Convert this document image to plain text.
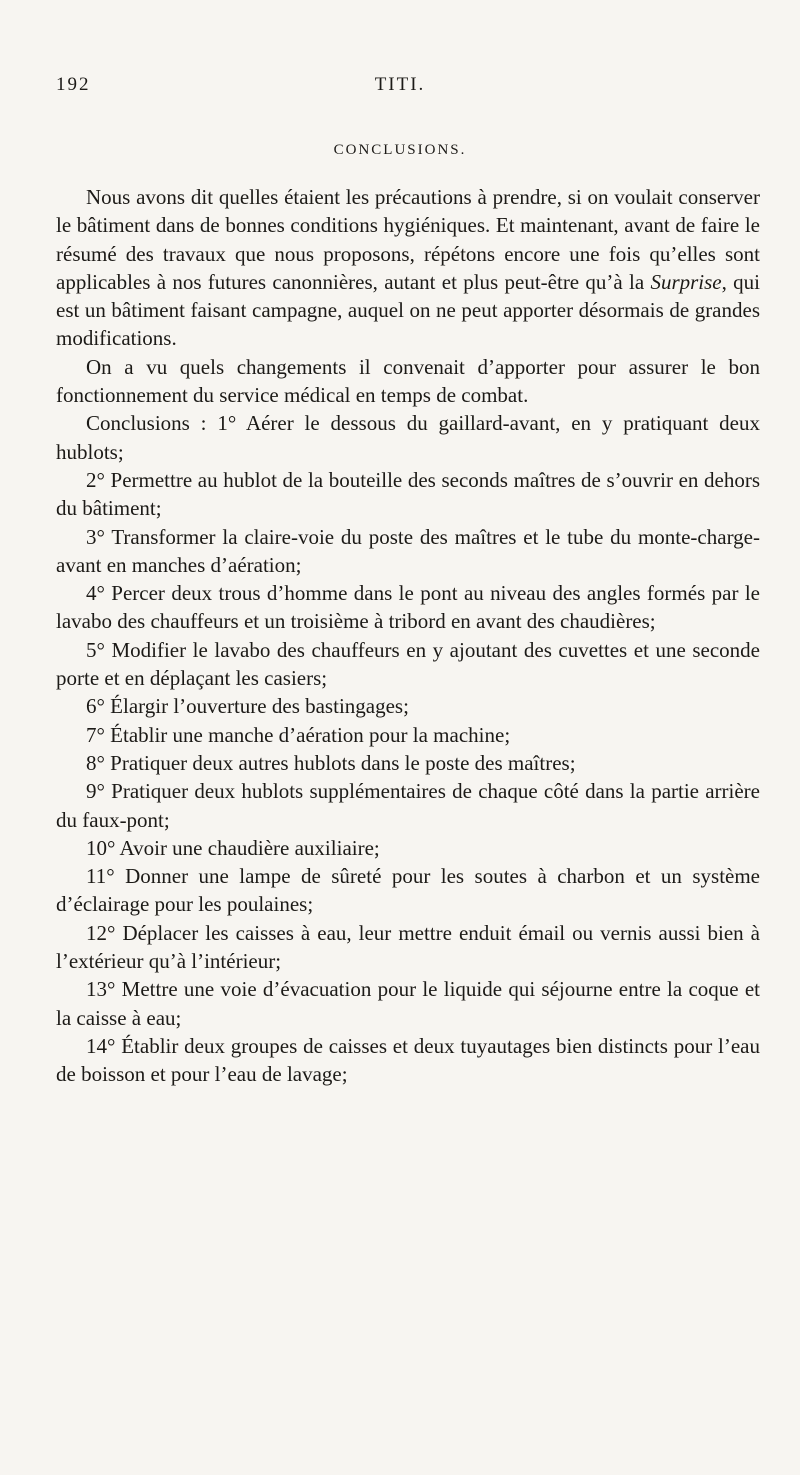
192	TITI.
CONCLUSIONS.

Nous avons dit quelles étaient les précautions à prendre, si on voulait conserver le bâtiment dans de bonnes conditions hygiéniques. Et maintenant, avant de faire le résumé des travaux que nous proposons, répétons encore une fois qu’elles sont applicables à nos futures canonnières, autant et plus peut-être qu’à la Surprise, qui est un bâtiment faisant campagne, auquel on ne peut apporter désormais de grandes modifications.

On a vu quels changements il convenait d’apporter pour assurer le bon fonctionnement du service médical en temps de combat.

Conclusions : 1° Aérer le dessous du gaillard-avant, en y pratiquant deux hublots;

2° Permettre au hublot de la bouteille des seconds maîtres de s’ouvrir en dehors du bâtiment;

3° Transformer la claire-voie du poste des maîtres et le tube du monte-charge-avant en manches d’aération;

4° Percer deux trous d’homme dans le pont au niveau des angles formés par le lavabo des chauffeurs et un troisième à tribord en avant des chaudières;

5° Modifier le lavabo des chauffeurs en y ajoutant des cuvettes et une seconde porte et en déplaçant les casiers;

6° Élargir l’ouverture des bastingages;

7° Établir une manche d’aération pour la machine;

8° Pratiquer deux autres hublots dans le poste des maîtres;

9° Pratiquer deux hublots supplémentaires de chaque côté dans la partie arrière du faux-pont;

10° Avoir une chaudière auxiliaire;

11° Donner une lampe de sûreté pour les soutes à charbon et un système d’éclairage pour les poulaines;

12° Déplacer les caisses à eau, leur mettre enduit émail ou vernis aussi bien à l’extérieur qu’à l’intérieur;

13° Mettre une voie d’évacuation pour le liquide qui séjourne entre la coque et la caisse à eau;

14° Établir deux groupes de caisses et deux tuyautages bien distincts pour l’eau de boisson et pour l’eau de lavage;
